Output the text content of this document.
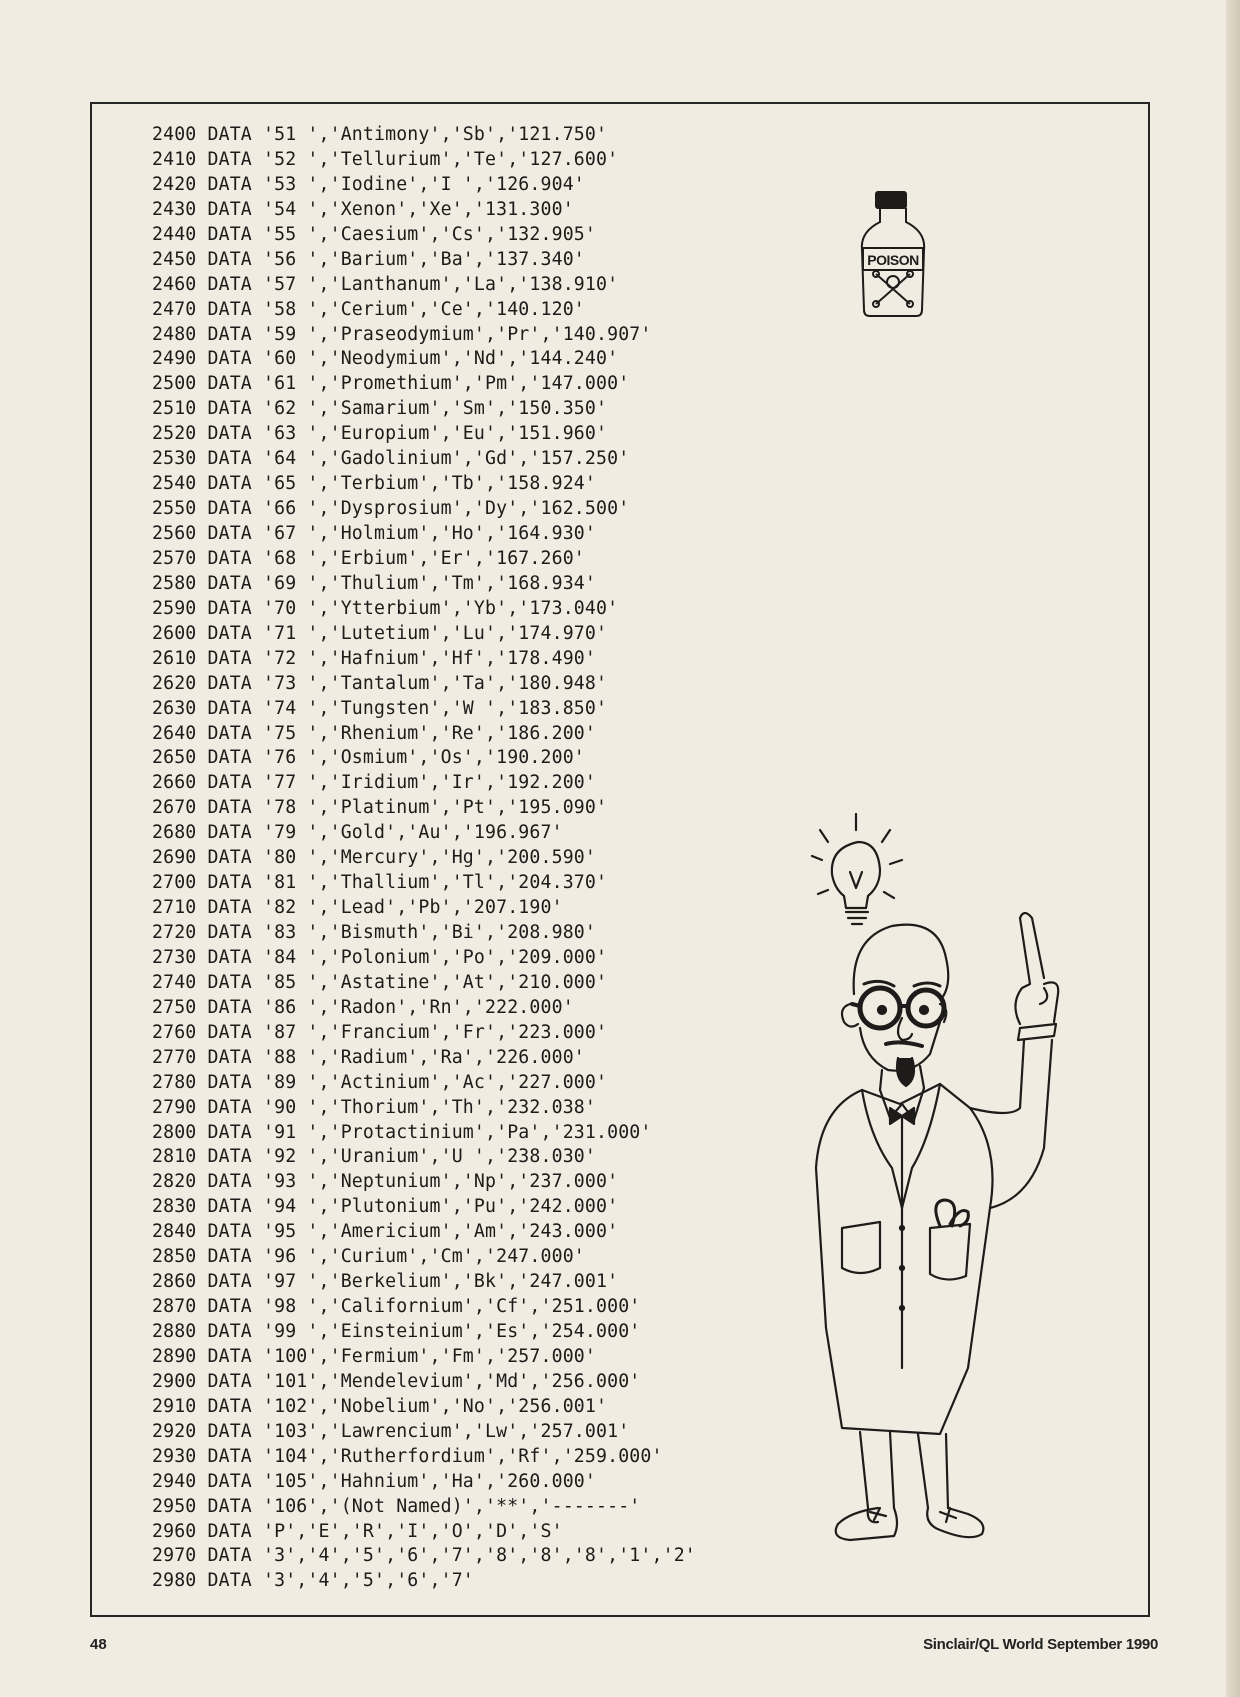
2400 DATA '51 ','Antimony','Sb','121.750'
2410 DATA '52 ','Tellurium','Te','127.600'
2420 DATA '53 ','Iodine','I ','126.904'
2430 DATA '54 ','Xenon','Xe','131.300'
2440 DATA '55 ','Caesium','Cs','132.905'
2450 DATA '56 ','Barium','Ba','137.340'
2460 DATA '57 ','Lanthanum','La','138.910'
2470 DATA '58 ','Cerium','Ce','140.120'
2480 DATA '59 ','Praseodymium','Pr','140.907'
2490 DATA '60 ','Neodymium','Nd','144.240'
2500 DATA '61 ','Promethium','Pm','147.000'
2510 DATA '62 ','Samarium','Sm','150.350'
2520 DATA '63 ','Europium','Eu','151.960'
2530 DATA '64 ','Gadolinium','Gd','157.250'
2540 DATA '65 ','Terbium','Tb','158.924'
2550 DATA '66 ','Dysprosium','Dy','162.500'
2560 DATA '67 ','Holmium','Ho','164.930'
2570 DATA '68 ','Erbium','Er','167.260'
2580 DATA '69 ','Thulium','Tm','168.934'
2590 DATA '70 ','Ytterbium','Yb','173.040'
2600 DATA '71 ','Lutetium','Lu','174.970'
2610 DATA '72 ','Hafnium','Hf','178.490'
2620 DATA '73 ','Tantalum','Ta','180.948'
2630 DATA '74 ','Tungsten','W ','183.850'
2640 DATA '75 ','Rhenium','Re','186.200'
2650 DATA '76 ','Osmium','Os','190.200'
2660 DATA '77 ','Iridium','Ir','192.200'
2670 DATA '78 ','Platinum','Pt','195.090'
2680 DATA '79 ','Gold','Au','196.967'
2690 DATA '80 ','Mercury','Hg','200.590'
2700 DATA '81 ','Thallium','Tl','204.370'
2710 DATA '82 ','Lead','Pb','207.190'
2720 DATA '83 ','Bismuth','Bi','208.980'
2730 DATA '84 ','Polonium','Po','209.000'
2740 DATA '85 ','Astatine','At','210.000'
2750 DATA '86 ','Radon','Rn','222.000'
2760 DATA '87 ','Francium','Fr','223.000'
2770 DATA '88 ','Radium','Ra','226.000'
2780 DATA '89 ','Actinium','Ac','227.000'
2790 DATA '90 ','Thorium','Th','232.038'
2800 DATA '91 ','Protactinium','Pa','231.000'
2810 DATA '92 ','Uranium','U ','238.030'
2820 DATA '93 ','Neptunium','Np','237.000'
2830 DATA '94 ','Plutonium','Pu','242.000'
2840 DATA '95 ','Americium','Am','243.000'
2850 DATA '96 ','Curium','Cm','247.000'
2860 DATA '97 ','Berkelium','Bk','247.001'
2870 DATA '98 ','Californium','Cf','251.000'
2880 DATA '99 ','Einsteinium','Es','254.000'
2890 DATA '100','Fermium','Fm','257.000'
2900 DATA '101','Mendelevium','Md','256.000'
2910 DATA '102','Nobelium','No','256.001'
2920 DATA '103','Lawrencium','Lw','257.001'
2930 DATA '104','Rutherfordium','Rf','259.000'
2940 DATA '105','Hahnium','Ha','260.000'
2950 DATA '106','(Not Named)','**','-------'
2960 DATA 'P','E','R','I','O','D','S'
2970 DATA '3','4','5','6','7','8','8','8','1','2'
2980 DATA '3','4','5','6','7'
POISON
48	Sinclair/QL World September 1990
